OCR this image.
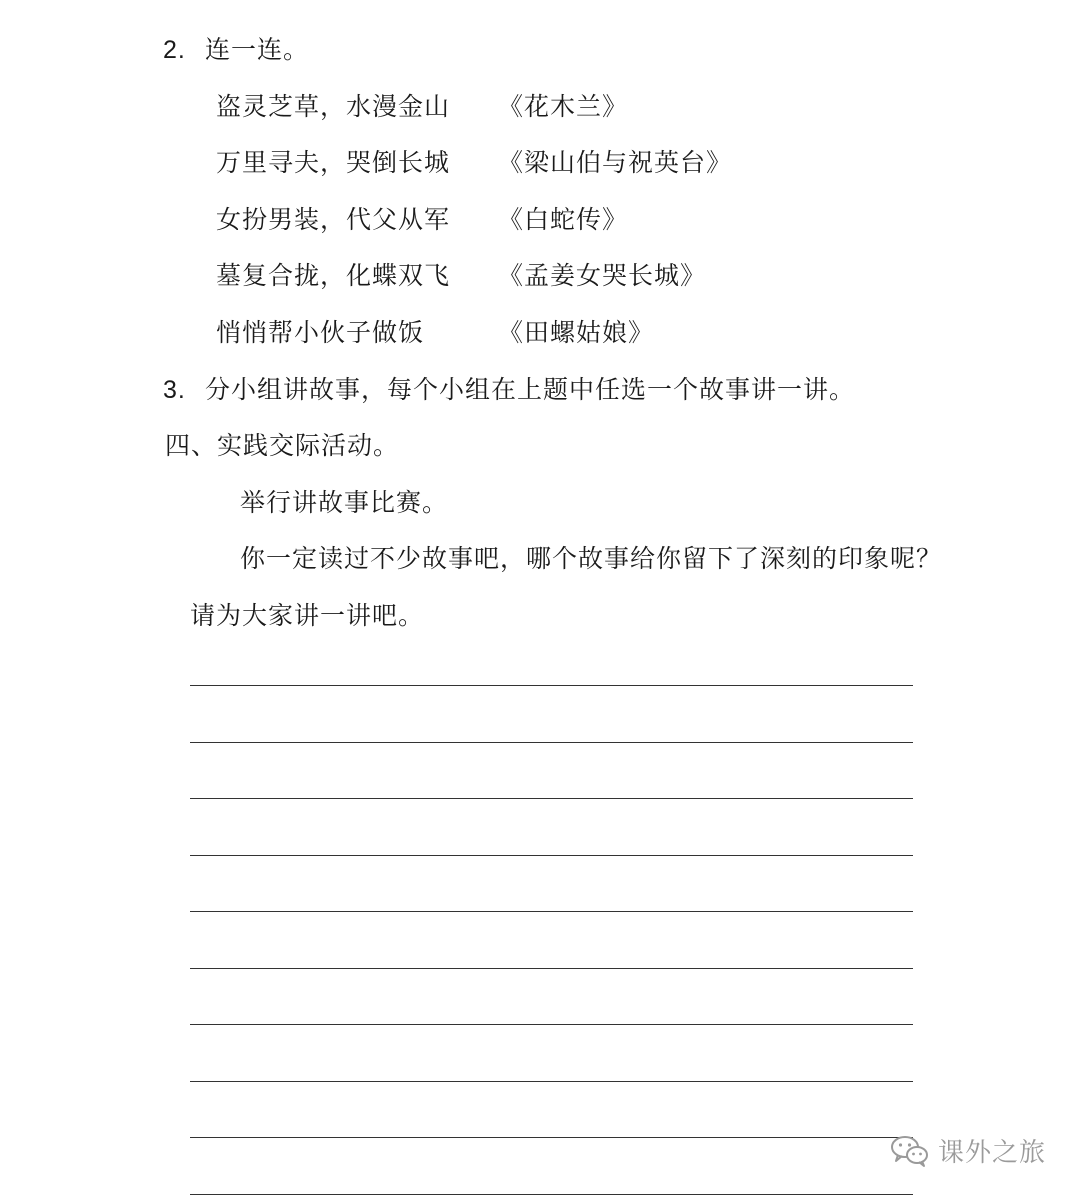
2. 连一连。
盗灵芝草，水漫金山
万里寻夫，哭倒长城
女扮男装，代父从军
墓复合拢，化蝶双飞
悄悄帮小伙子做饭
《花木兰》
《梁山伯与祝英台》
《白蛇传》
《孟姜女哭长城》
《田螺姑娘》
3. 分小组讲故事，每个小组在上题中任选一个故事讲一讲。
四、实践交际活动。
举行讲故事比赛。
你一定读过不少故事吧，哪个故事给你留下了深刻的印象呢？
请为大家讲一讲吧。
课外之旅
